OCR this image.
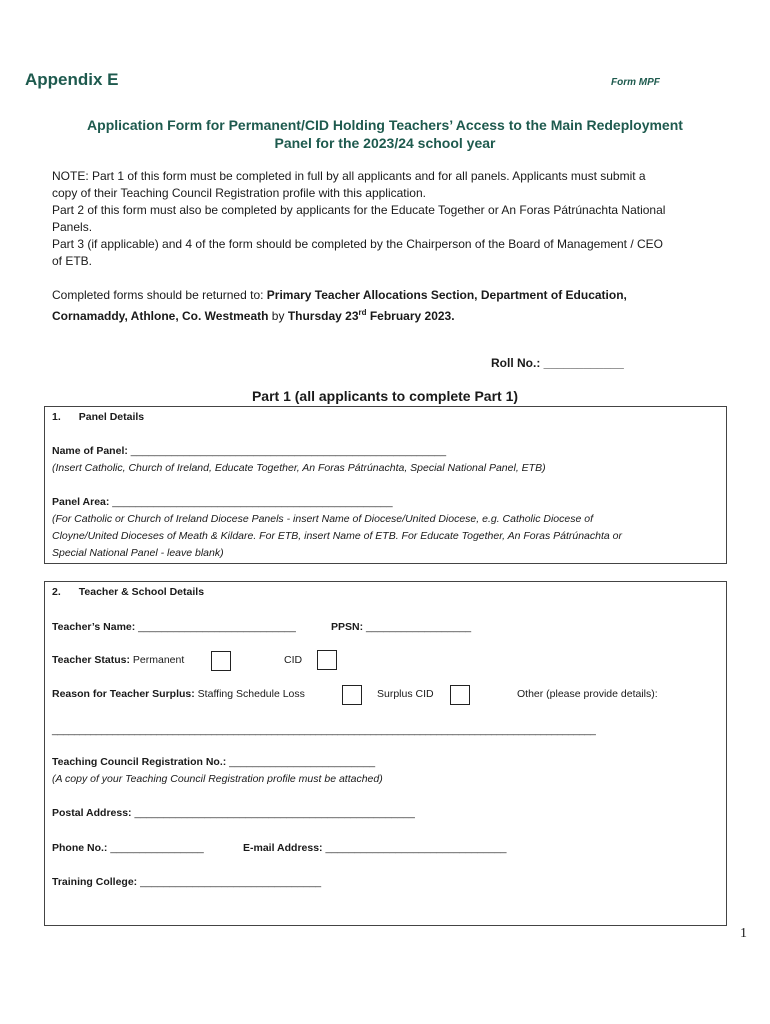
Appendix E	Form MPF
Application Form for Permanent/CID Holding Teachers’ Access to the Main Redeployment
Panel for the 2023/24 school year

NOTE: Part 1 of this form must be completed in full by all applicants and for all panels. Applicants must submit a

copy of their Teaching Council Registration profile with this application.

Part 2 of this form must also be completed by applicants for the Educate Together or An Foras Pátrúnachta National

Panels.

Part 3 (if applicable) and 4 of the form should be completed by the Chairperson of the Board of Management / CEO

of ETB.

Completed forms should be returned to: Primary Teacher Allocations Section, Department of Education,
Cornamaddy, Athlone, Co. Westmeath by Thursday 23rd February 2023.
Roll No.: ____________
Part 1 (all applicants to complete Part 1)
1. Panel Details
Name of Panel: ______________________________________________________
(Insert Catholic, Church of Ireland, Educate Together, An Foras Pátrúnachta, Special National Panel, ETB)
Panel Area: ________________________________________________
(For Catholic or Church of Ireland Diocese Panels - insert Name of Diocese/United Diocese, e.g. Catholic Diocese of
Cloyne/United Dioceses of Meath & Kildare. For ETB, insert Name of ETB. For Educate Together, An Foras Pátrúnachta or
Special National Panel - leave blank)
2. Teacher & School Details
Teacher’s Name: ___________________________	PPSN: __________________
Teacher Status: Permanent	CID
Reason for Teacher Surplus: Staffing Schedule Loss	Surplus CID	Other (please provide details):
___________________________________________________________________________________________________
Teaching Council Registration No.: _________________________
(A copy of your Teaching Council Registration profile must be attached)
Postal Address: ________________________________________________
Phone No.: ________________	E-mail Address: _______________________________
Training College: _______________________________
1
